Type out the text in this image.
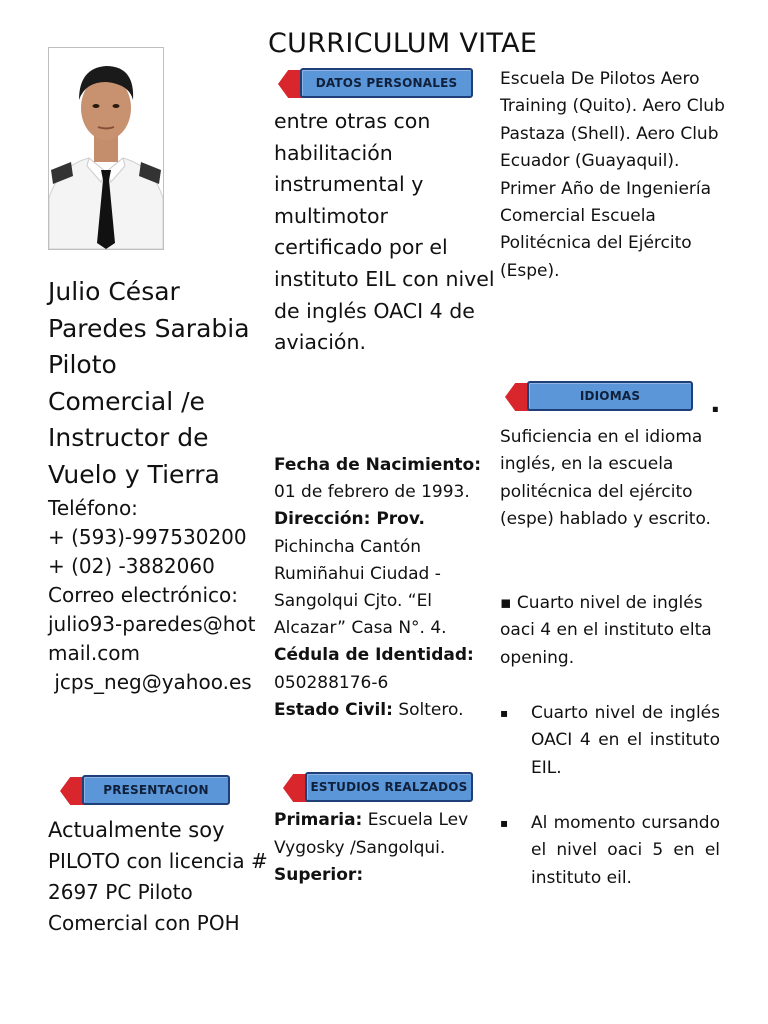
CURRICULUM VITAE
Julio César
Paredes Sarabia
Piloto
Comercial /e
Instructor de
Vuelo y Tierra
Teléfono:
+ (593)-997530200
+ (02) -3882060
Correo electrónico:
julio93-paredes@hotmail.com
jcps_neg@yahoo.es
PRESENTACION
Actualmente soy
PILOTO con licencia #
2697 PC Piloto
Comercial con POH
DATOS PERSONALES
entre otras con habilitación instrumental y multimotor certificado por el instituto EIL con nivel de inglés OACI 4 de aviación.
Fecha de Nacimiento:
01 de febrero de 1993.
Dirección: Prov.
Pichincha Cantón Rumiñahui Ciudad -Sangolqui Cjto. “El Alcazar” Casa N°. 4.
Cédula de Identidad:
050288176-6
Estado Civil: Soltero.
ESTUDIOS REALZADOS
Primaria: Escuela Lev Vygosky /Sangolqui.
Superior:
Escuela De Pilotos Aero Training (Quito). Aero Club Pastaza (Shell). Aero Club Ecuador (Guayaquil). Primer Año de Ingeniería Comercial Escuela Politécnica del Ejército (Espe).
IDIOMAS	.
Suficiencia en el idioma inglés, en la escuela politécnica del ejército (espe) hablado y escrito.
▪ Cuarto nivel de inglés oaci 4 en el instituto elta opening.
▪ Cuarto nivel de inglés OACI 4 en el instituto EIL.
▪ Al momento cursando el nivel oaci 5 en el instituto eil.
